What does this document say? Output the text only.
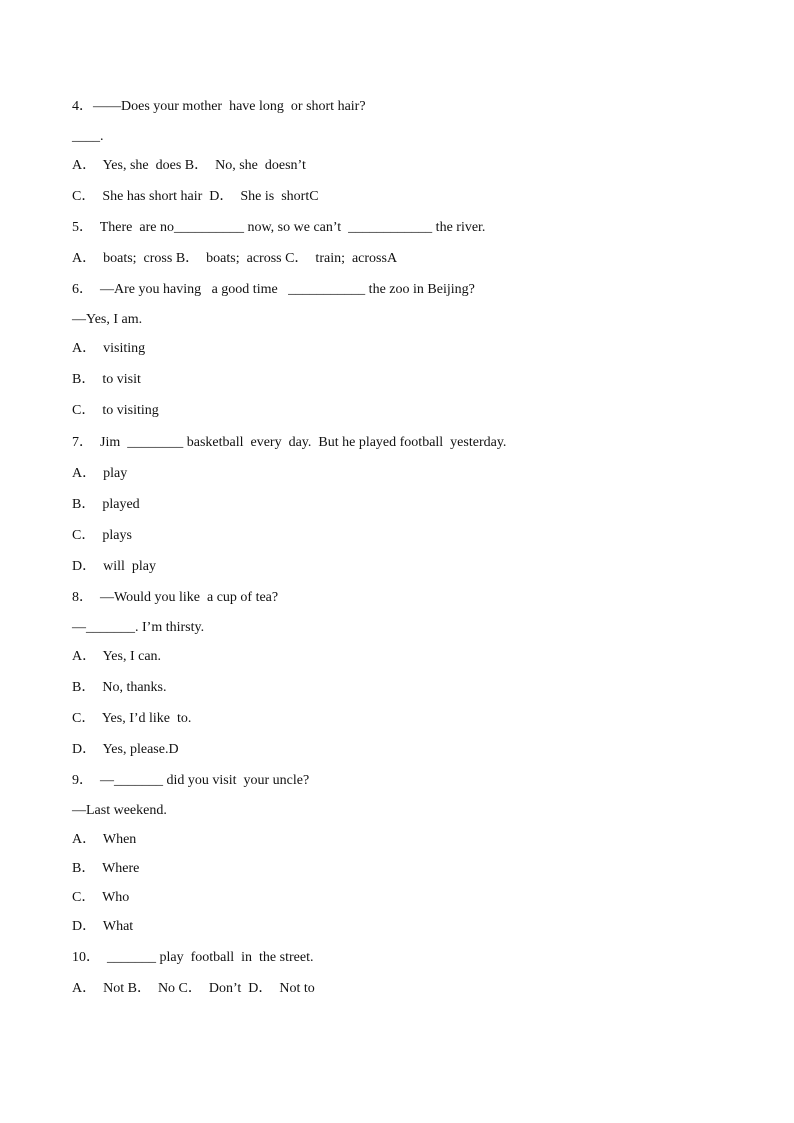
4．——Does your mother  have long  or short hair?
____.
A．  Yes, she  does B．  No, she  doesn’t
C．  She has short hair  D．  She is  shortC
5．  There  are no__________ now, so we can’t  ____________ the river.
A．  boats;  cross B．  boats;  across C．  train;  acrossA
6．  —Are you having   a good time   ___________ the zoo in Beijing?
—Yes, I am.
A．  visiting
B．  to visit
C．  to visiting
7．  Jim  ________ basketball  every  day.  But he played football  yesterday.
A．  play
B．  played
C．  plays
D．  will  play
8．  —Would you like  a cup of tea?
—_______. I’m thirsty.
A．  Yes, I can.
B．  No, thanks.
C．  Yes, I’d like  to.
D．  Yes, please.D
9．  —_______ did you visit  your uncle?
—Last weekend.
A．  When
B．  Where
C．  Who
D．  What
10．  _______ play  football  in  the street.
A．  Not B．  No C．  Don’t  D．  Not to
